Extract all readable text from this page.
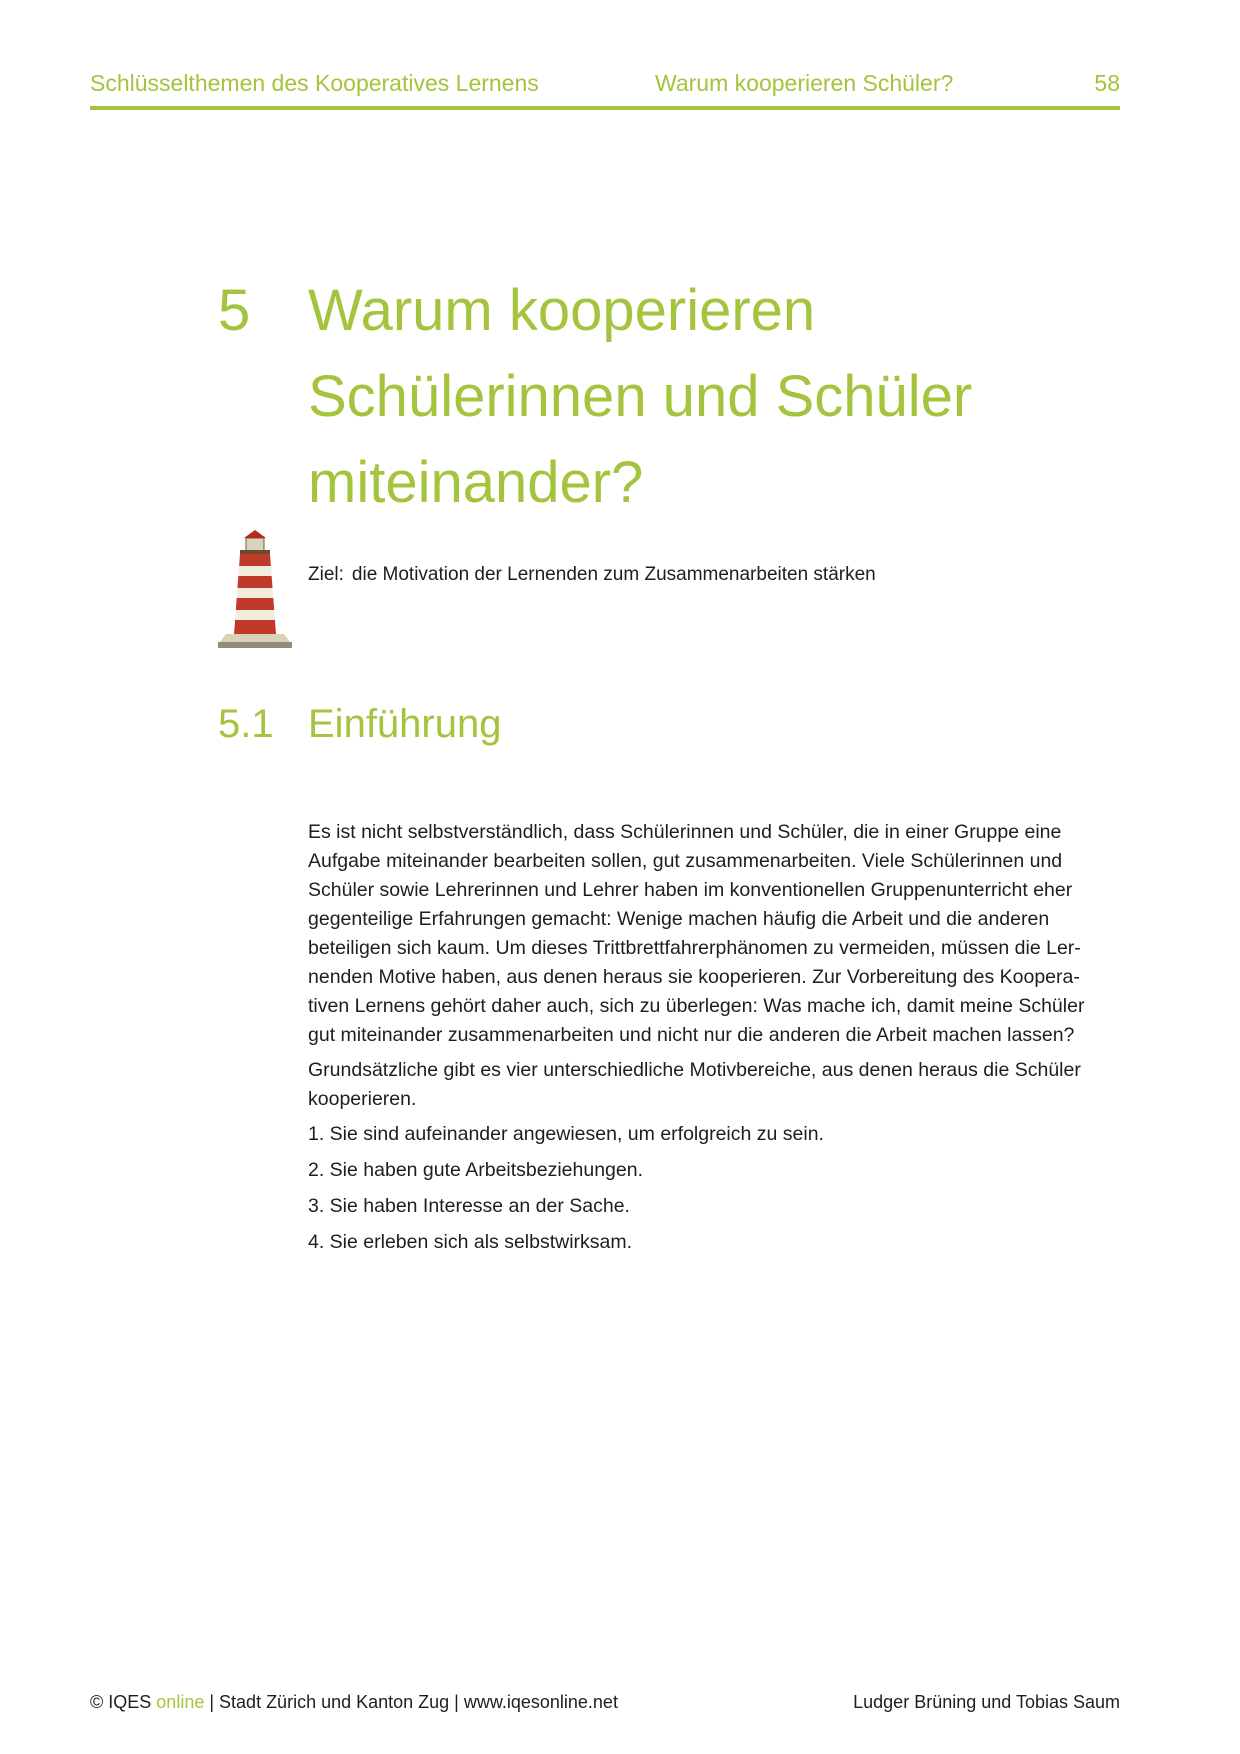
Schlüsselthemen des Kooperatives Lernens	Warum kooperieren Schüler?	58
5 Warum kooperieren
Schülerinnen und Schüler
miteinander?
Ziel: die Motivation der Lernenden zum Zusammenarbeiten stärken
5.1 Einführung

Es ist nicht selbstverständlich, dass Schülerinnen und Schüler, die in einer Gruppe eine
Aufgabe miteinander bearbeiten sollen, gut zusammenarbeiten. Viele Schülerinnen und
Schüler sowie Lehrerinnen und Lehrer haben im konventionellen Gruppenunterricht eher
gegenteilige Erfahrungen gemacht: Wenige machen häufig die Arbeit und die anderen
beteiligen sich kaum. Um dieses Trittbrettfahrerphänomen zu vermeiden, müssen die Ler-
nenden Motive haben, aus denen heraus sie kooperieren. Zur Vorbereitung des Koopera-
tiven Lernens gehört daher auch, sich zu überlegen: Was mache ich, damit meine Schüler
gut miteinander zusammenarbeiten und nicht nur die anderen die Arbeit machen lassen?

Grundsätzliche gibt es vier unterschiedliche Motivbereiche, aus denen heraus die Schüler
kooperieren.

1. Sie sind aufeinander angewiesen, um erfolgreich zu sein.
2. Sie haben gute Arbeitsbeziehungen.
3. Sie haben Interesse an der Sache.
4. Sie erleben sich als selbstwirksam.
© IQES online | Stadt Zürich und Kanton Zug | www.iqesonline.net	Ludger Brüning und Tobias Saum
